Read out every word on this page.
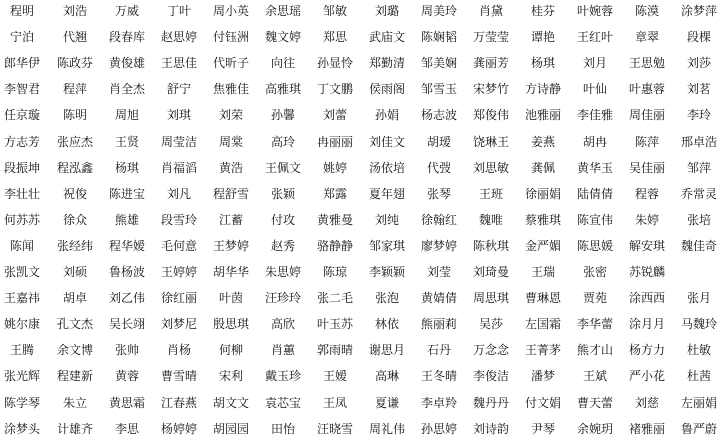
程明 刘浩 万威 丁叶 周小英 余思瑶 邹敏 刘璐 周美玲 肖黛 桂芬 叶婉蓉 陈漠 涂梦萍
宁泊 代翘 段春库 赵思婷 付钰洲 魏文婷 郑思 武庙文 陈娴韬 万莹莹 谭艳 王红叶 章翠 段棵
郎华伊 陈政芬 黄俊雄 王思佳 代昕子 向往 孙显怜 郑勤清 邹美娴 龚丽芳 杨琪 刘月 王思勉 刘莎
李智君 程萍 肖全杰 舒宁 焦雅佳 高雅琪 丁文鹏 侯雨阁 邹雪玉 宋梦竹 方诗静 叶仙 叶惠蓉 刘茗
任京璇 陈明 周旭 刘琪 刘荣 孙馨 刘蕾 孙娟 杨志波 郑俊伟 池雅丽 李佳雅 周佳丽 李玲
方志芳 张应杰 王贤 周莹洁 周棠 高玲 冉丽丽 刘佳文 胡瑷 饶琳王 姜燕 胡冉 陈萍 邢卓浩
段振坤 程泓鑫 杨琪 肖福滔 黄浩 王佩文 姚婷 汤依培 代弢 刘思敏 龚佩 黄华玉 吴佳丽 邹萍
李壮壮 祝俊 陈进宝 刘凡 程舒雪 张颖 郑露 夏年翅 张琴 王班 徐丽娟 陆倩倩 程蓉 乔常灵
何苏苏 徐众 熊雄 段雪玲 江蓄 付攻 黄雅曼 刘纯 徐翰红 魏唯 蔡雅琪 陈宣伟 朱婷 张培
陈闻 张经纬 程华嫒 毛何意 王梦婷 赵秀 骆静静 邹家琪 廖梦婷 陈秋琪 金严媚 陈思媛 解安琪 魏佳奇
张凯文 刘硕 鲁杨波 王婷婷 胡华华 朱思婷 陈琼 李颖颖 刘莹 刘琦曼 王瑞 张密 苏锐麟
王嘉祎 胡卓 刘乙伟 徐红丽 叶茵 汪珍玲 张二毛 张泡 黄婧倩 周思琪 曹琳恩 贾苑 涂西西 张月
姚尔康 孔文杰 吴长翊 刘梦尼 殷思琪 高欣 叶玉苏 林依 熊丽莉 吴莎 左国霜 李华蕾 涂月月 马魏玲
王腾 余文博 张帅 肖杨 何柳 肖蕙 郭雨晴 谢思月 石丹 万念念 王菁茅 熊才山 杨方力 杜敏
张光辉 程建新 黄蓉 曹雪晴 宋利 戴玉珍 王嫒 高琳 王冬晴 李俊洁 潘梦 王斌 严小花 杜茜
陈学琴 朱立 黄思霜 江春燕 胡文文 袁芯宝 王凤 夏谦 李卓羚 魏丹丹 付文娟 曹天蕾 刘慈 左丽娟
涂梦头 计雄齐 李思 杨婷婷 胡园园 田怡 汪晓雪 周礼伟 孙思婷 刘诗韵 尹琴 余婉玥 褚雅丽 鲁严蔚
